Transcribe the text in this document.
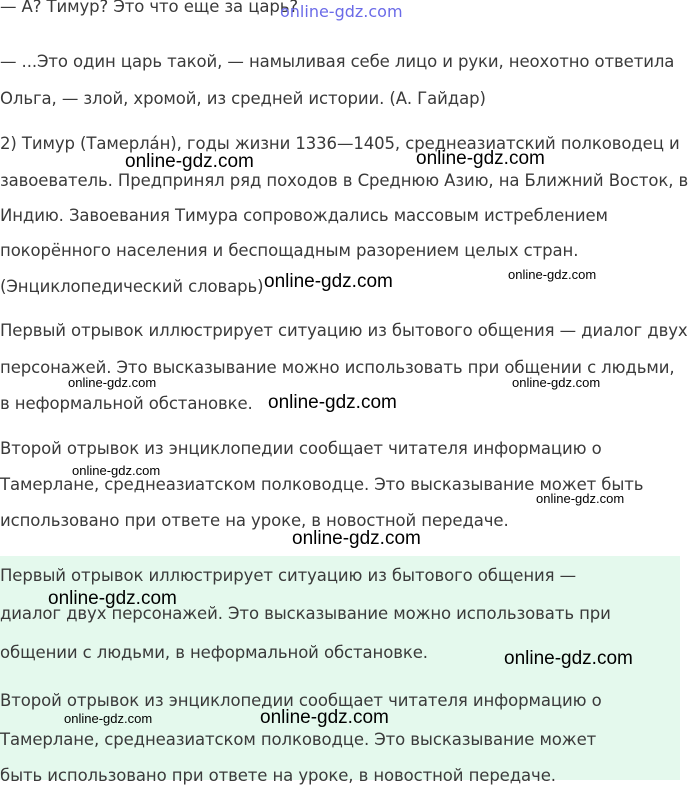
— А? Тимур? Это что еще за царь?
online-gdz.com
— ...Это один царь такой, — намыливая себе лицо и руки, неохотно ответила
Ольга, — злой, хромой, из средней истории. (А. Гайдар)
2) Тимур (Тамерла́н), годы жизни 1336—1405, среднеазиатский полководец и
завоеватель. Предпринял ряд походов в Среднюю Азию, на Ближний Восток, в
Индию. Завоевания Тимура сопровождались массовым истреблением
покорённого населения и беспощадным разорением целых стран.
(Энциклопедический словарь)
Первый отрывок иллюстрирует ситуацию из бытового общения — диалог двух
персонажей. Это высказывание можно использовать при общении с людьми,
в неформальной обстановке.
Второй отрывок из энциклопедии сообщает читателя информацию о
Тамерлане, среднеазиатском полководце. Это высказывание может быть
использовано при ответе на уроке, в новостной передаче.
Первый отрывок иллюстрирует ситуацию из бытового общения —
диалог двух персонажей. Это высказывание можно использовать при
общении с людьми, в неформальной обстановке.
Второй отрывок из энциклопедии сообщает читателя информацию о
Тамерлане, среднеазиатском полководце. Это высказывание может
быть использовано при ответе на уроке, в новостной передаче.
online-gdz.com	online-gdz.com
online-gdz.com	online-gdz.com
online-gdz.com	online-gdz.com
online-gdz.com
online-gdz.com
online-gdz.com
online-gdz.com
online-gdz.com
online-gdz.com
online-gdz.com	online-gdz.com
